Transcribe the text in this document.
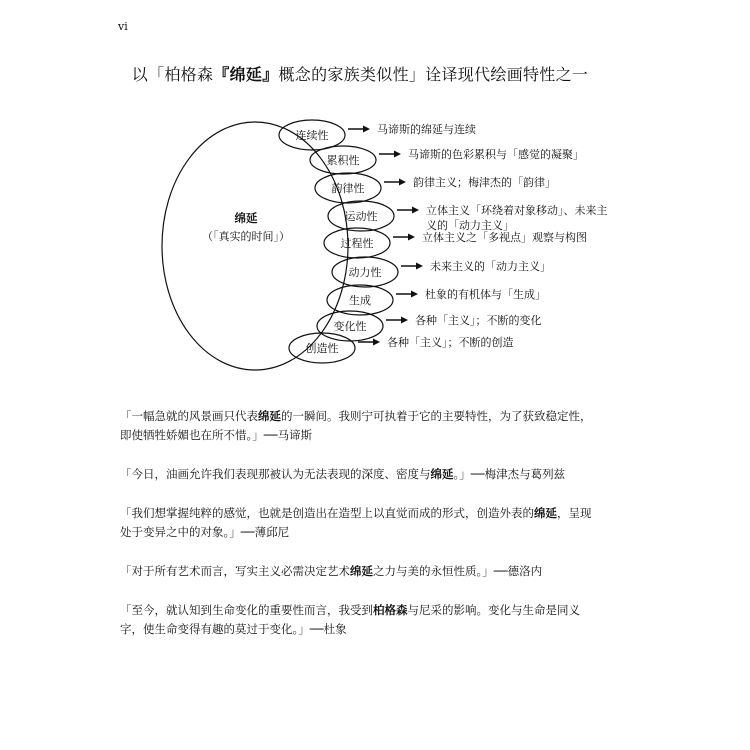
vi
以「柏格森『绵延』概念的家族类似性」诠译现代绘画特性之一
绵延
（「真实的时间」）
连续性	马谛斯的绵延与连续
累积性	马谛斯的色彩累积与「感觉的凝聚」
韵律性	韵律主义；梅津杰的「韵律」
运动性	立体主义「环绕着对象移动」、未来主义的「动力主义」
过程性	立体主义之「多视点」观察与构图
动力性	未来主义的「动力主义」
生成	杜象的有机体与「生成」
变化性	各种「主义」；不断的变化
创造性	各种「主义」；不断的创造

「一幅急就的风景画只代表绵延的一瞬间。我则宁可执着于它的主要特性，为了获致稳定性，即使牺牲娇媚也在所不惜。」──马谛斯

「今日，油画允许我们表现那被认为无法表现的深度、密度与绵延。」──梅津杰与葛列兹

「我们想掌握纯粹的感觉，也就是创造出在造型上以直觉而成的形式，创造外表的绵延，呈现处于变异之中的对象。」──薄邱尼

「对于所有艺术而言，写实主义必需决定艺术绵延之力与美的永恒性质。」──德洛内

「至今，就认知到生命变化的重要性而言，我受到柏格森与尼采的影响。变化与生命是同义字，使生命变得有趣的莫过于变化。」──杜象
